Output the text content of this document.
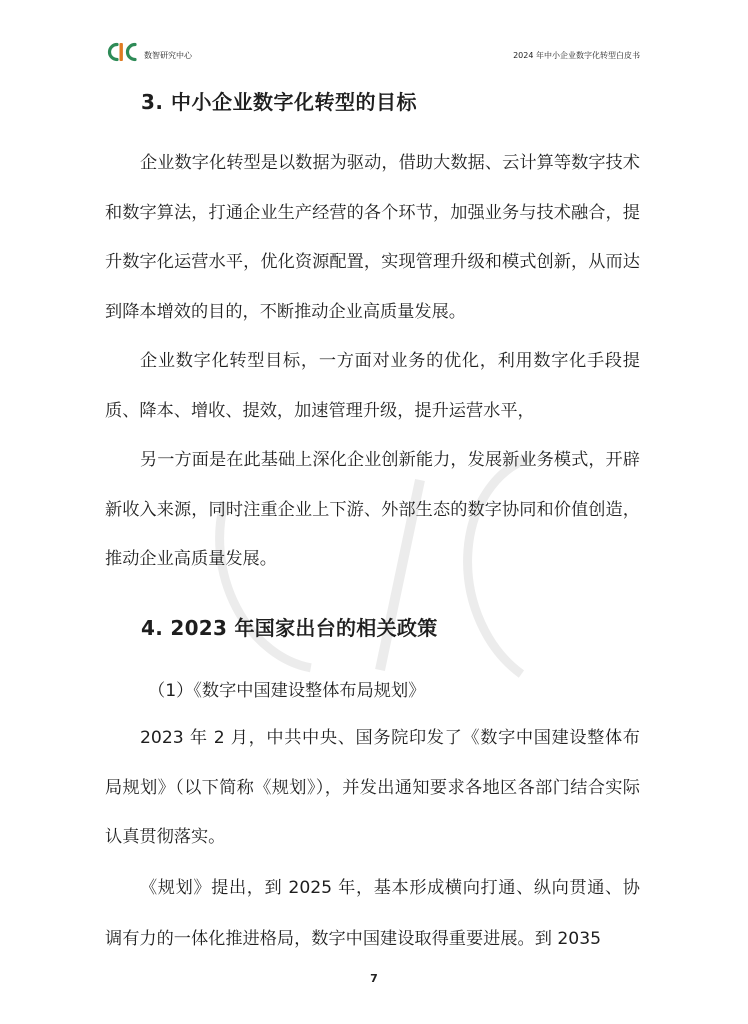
数智研究中心	2024 年中小企业数字化转型白皮书
3. 中小企业数字化转型的目标

企业数字化转型是以数据为驱动，借助大数据、云计算等数字技术和数字算法，打通企业生产经营的各个环节，加强业务与技术融合，提升数字化运营水平，优化资源配置，实现管理升级和模式创新，从而达到降本增效的目的，不断推动企业高质量发展。

企业数字化转型目标，一方面对业务的优化，利用数字化手段提质、降本、增收、提效，加速管理升级，提升运营水平，

另一方面是在此基础上深化企业创新能力，发展新业务模式，开辟新收入来源，同时注重企业上下游、外部生态的数字协同和价值创造，推动企业高质量发展。

4. 2023 年国家出台的相关政策

（1）《数字中国建设整体布局规划》

2023 年 2 月，中共中央、国务院印发了《数字中国建设整体布局规划》（以下简称《规划》），并发出通知要求各地区各部门结合实际认真贯彻落实。

《规划》提出，到 2025 年，基本形成横向打通、纵向贯通、协调有力的一体化推进格局，数字中国建设取得重要进展。到 2035

7
